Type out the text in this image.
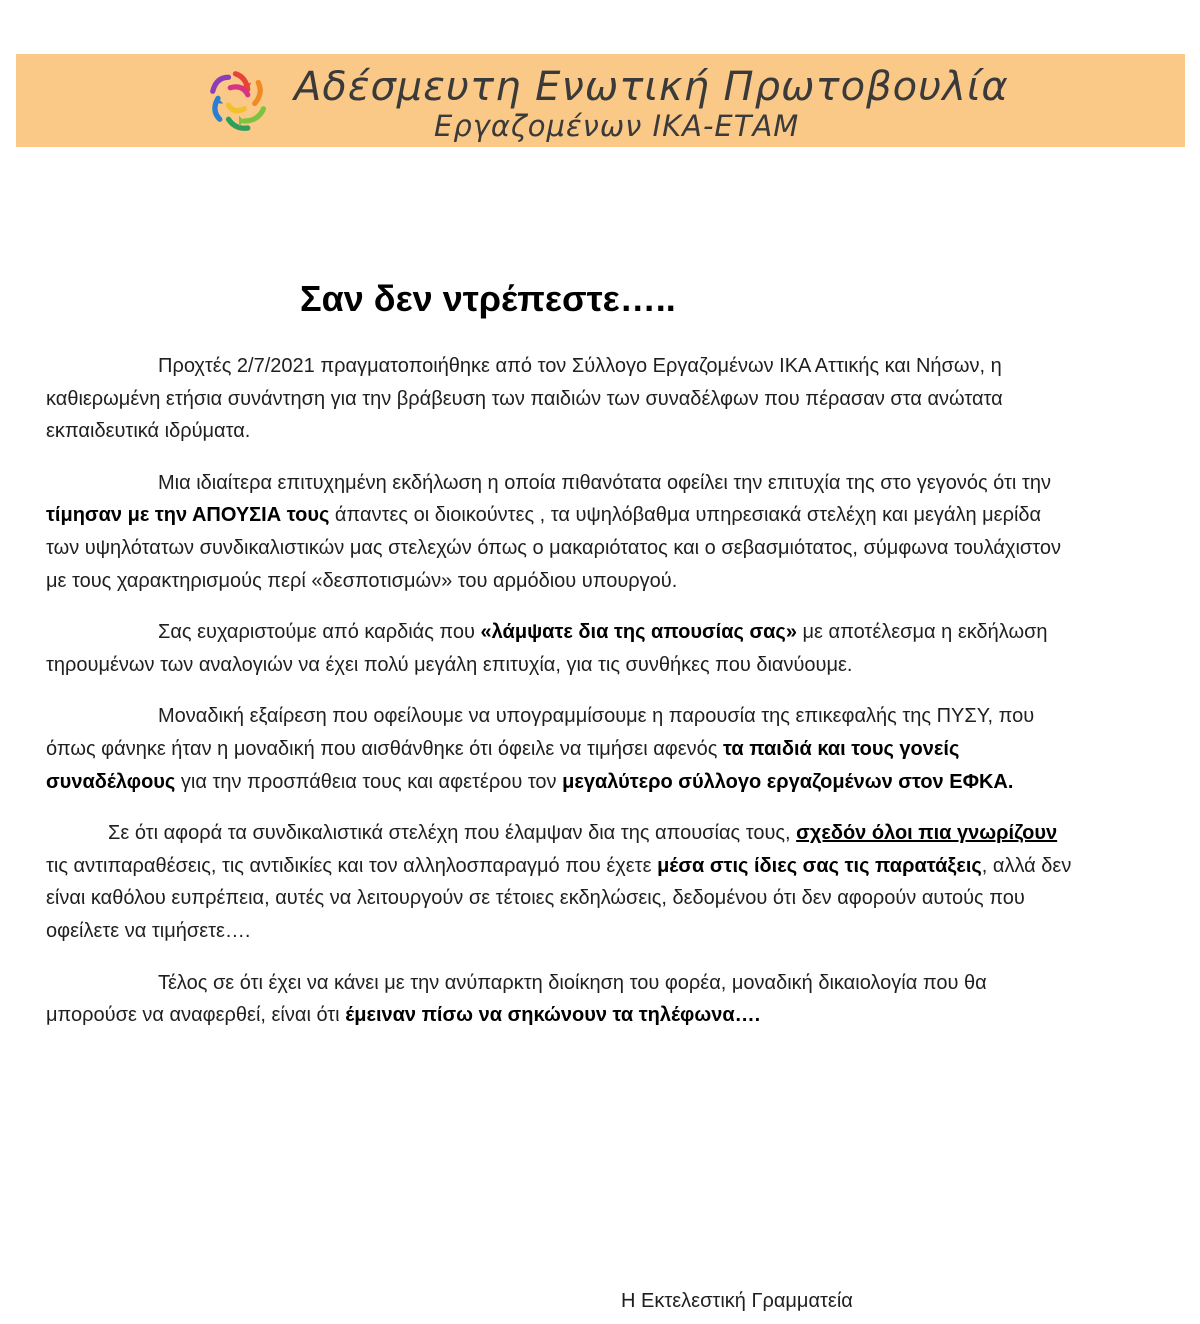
Αδέσμευτη Ενωτική Πρωτοβουλία
Εργαζομένων ΙΚΑ-ΕΤΑΜ
Σαν δεν ντρέπεστε…..

Προχτές 2/7/2021 πραγματοποιήθηκε από τον Σύλλογο Εργαζομένων ΙΚΑ Αττικής και Νήσων, η καθιερωμένη ετήσια συνάντηση για την βράβευση των παιδιών των συναδέλφων που πέρασαν στα ανώτατα εκπαιδευτικά ιδρύματα.

Μια ιδιαίτερα επιτυχημένη εκδήλωση η οποία πιθανότατα οφείλει την επιτυχία της στο γεγονός ότι την τίμησαν με την ΑΠΟΥΣΙΑ τους άπαντες οι διοικούντες , τα υψηλόβαθμα υπηρεσιακά στελέχη και μεγάλη μερίδα των υψηλότατων συνδικαλιστικών μας στελεχών όπως ο μακαριότατος και ο σεβασμιότατος, σύμφωνα τουλάχιστον με τους χαρακτηρισμούς περί «δεσποτισμών» του αρμόδιου υπουργού.

Σας ευχαριστούμε από καρδιάς που «λάμψατε δια της απουσίας σας» με αποτέλεσμα η εκδήλωση τηρουμένων των αναλογιών να έχει πολύ μεγάλη επιτυχία, για τις συνθήκες που διανύουμε.

Μοναδική εξαίρεση που οφείλουμε να υπογραμμίσουμε η παρουσία της επικεφαλής της ΠΥΣΥ, που όπως φάνηκε ήταν η μοναδική που αισθάνθηκε ότι όφειλε να τιμήσει αφενός τα παιδιά και τους γονείς συναδέλφους για την προσπάθεια τους και αφετέρου τον μεγαλύτερο σύλλογο εργαζομένων στον ΕΦΚΑ.

Σε ότι αφορά τα συνδικαλιστικά στελέχη που έλαμψαν δια της απουσίας τους, σχεδόν όλοι πια γνωρίζουν τις αντιπαραθέσεις, τις αντιδικίες και τον αλληλοσπαραγμό που έχετε μέσα στις ίδιες σας τις παρατάξεις, αλλά δεν είναι καθόλου ευπρέπεια, αυτές να λειτουργούν σε τέτοιες εκδηλώσεις, δεδομένου ότι δεν αφορούν αυτούς που οφείλετε να τιμήσετε….

Τέλος σε ότι έχει να κάνει με την ανύπαρκτη διοίκηση του φορέα, μοναδική δικαιολογία που θα μπορούσε να αναφερθεί, είναι ότι έμειναν πίσω να σηκώνουν τα τηλέφωνα….

Η Εκτελεστική Γραμματεία
